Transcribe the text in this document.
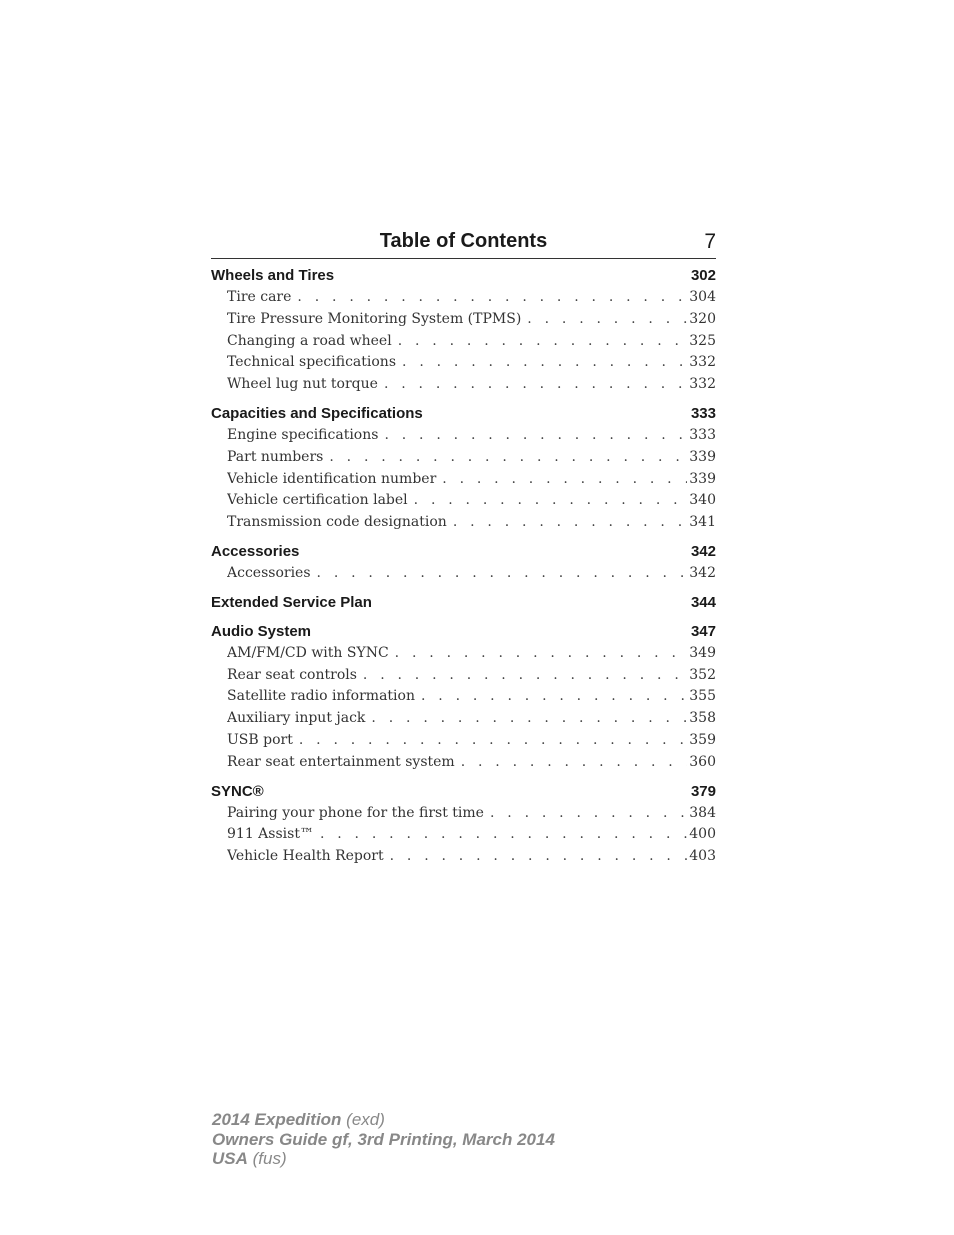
Table of Contents	7
Wheels and Tires	302
Tire care . . .	304
Tire Pressure Monitoring System (TPMS) . . .	320
Changing a road wheel . . .	325
Technical specifications . . .	332
Wheel lug nut torque . . .	332
Capacities and Specifications	333
Engine specifications . . .	333
Part numbers . . .	339
Vehicle identification number . . .	339
Vehicle certification label . . .	340
Transmission code designation . . .	341
Accessories	342
Accessories . . .	342
Extended Service Plan	344
Audio System	347
AM/FM/CD with SYNC . . .	349
Rear seat controls . . .	352
Satellite radio information . . .	355
Auxiliary input jack . . .	358
USB port . . .	359
Rear seat entertainment system . . .	360
SYNC®	379
Pairing your phone for the first time . . .	384
911 Assist™ . . .	400
Vehicle Health Report . . .	403
2014 Expedition (exd)
Owners Guide gf, 3rd Printing, March 2014
USA (fus)
